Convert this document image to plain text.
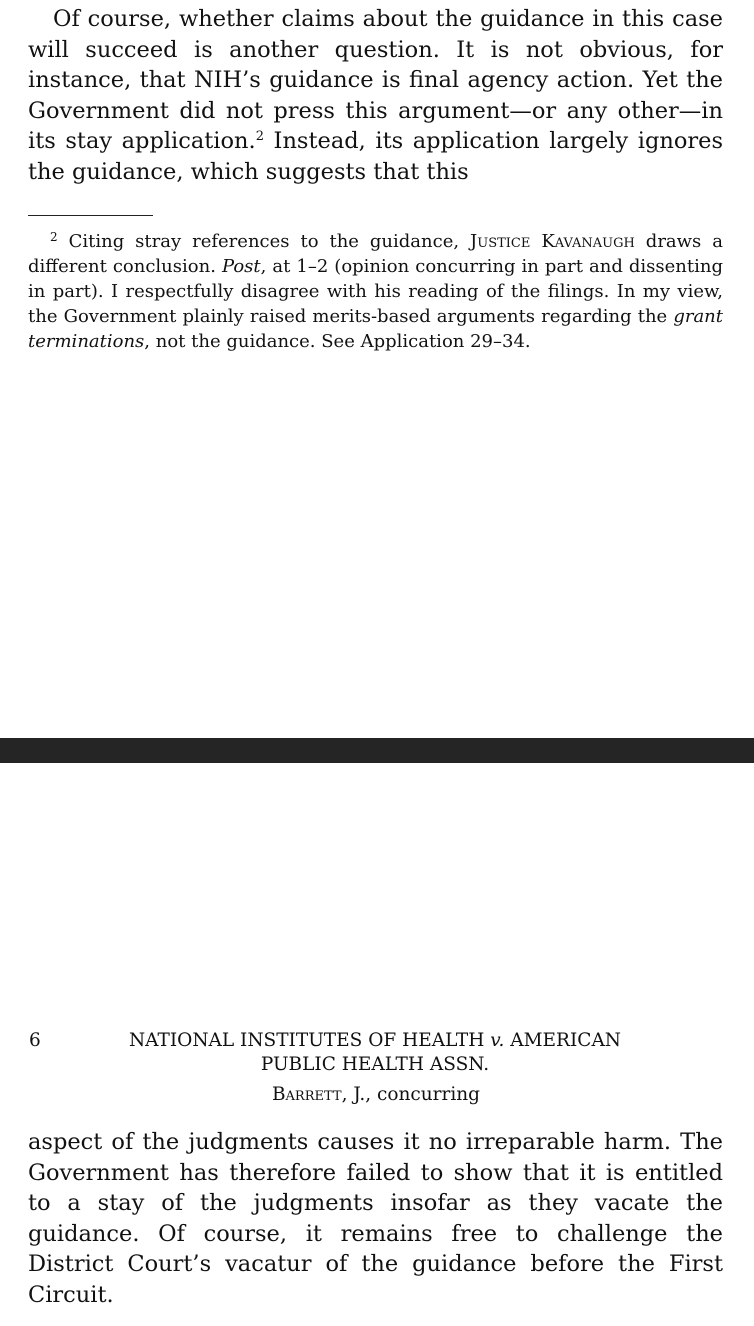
Of course, whether claims about the guidance in this case will succeed is another question. It is not obvious, for instance, that NIH’s guidance is final agency action. Yet the Government did not press this argument—or any other—in its stay application.$^2$ Instead, its application largely ignores the guidance, which suggests that this

$^2$ Citing stray references to the guidance, Justice Kavanaugh draws a different conclusion. Post, at 1–2 (opinion concurring in part and dissenting in part). I respectfully disagree with his reading of the filings. In my view, the Government plainly raised merits-based arguments regarding the grant terminations, not the guidance. See Application 29–34.

6	NATIONAL INSTITUTES OF HEALTH v. AMERICAN
PUBLIC HEALTH ASSN.
Barrett, J., concurring

aspect of the judgments causes it no irreparable harm. The Government has therefore failed to show that it is entitled to a stay of the judgments insofar as they vacate the guidance. Of course, it remains free to challenge the District Court’s vacatur of the guidance before the First Circuit.
